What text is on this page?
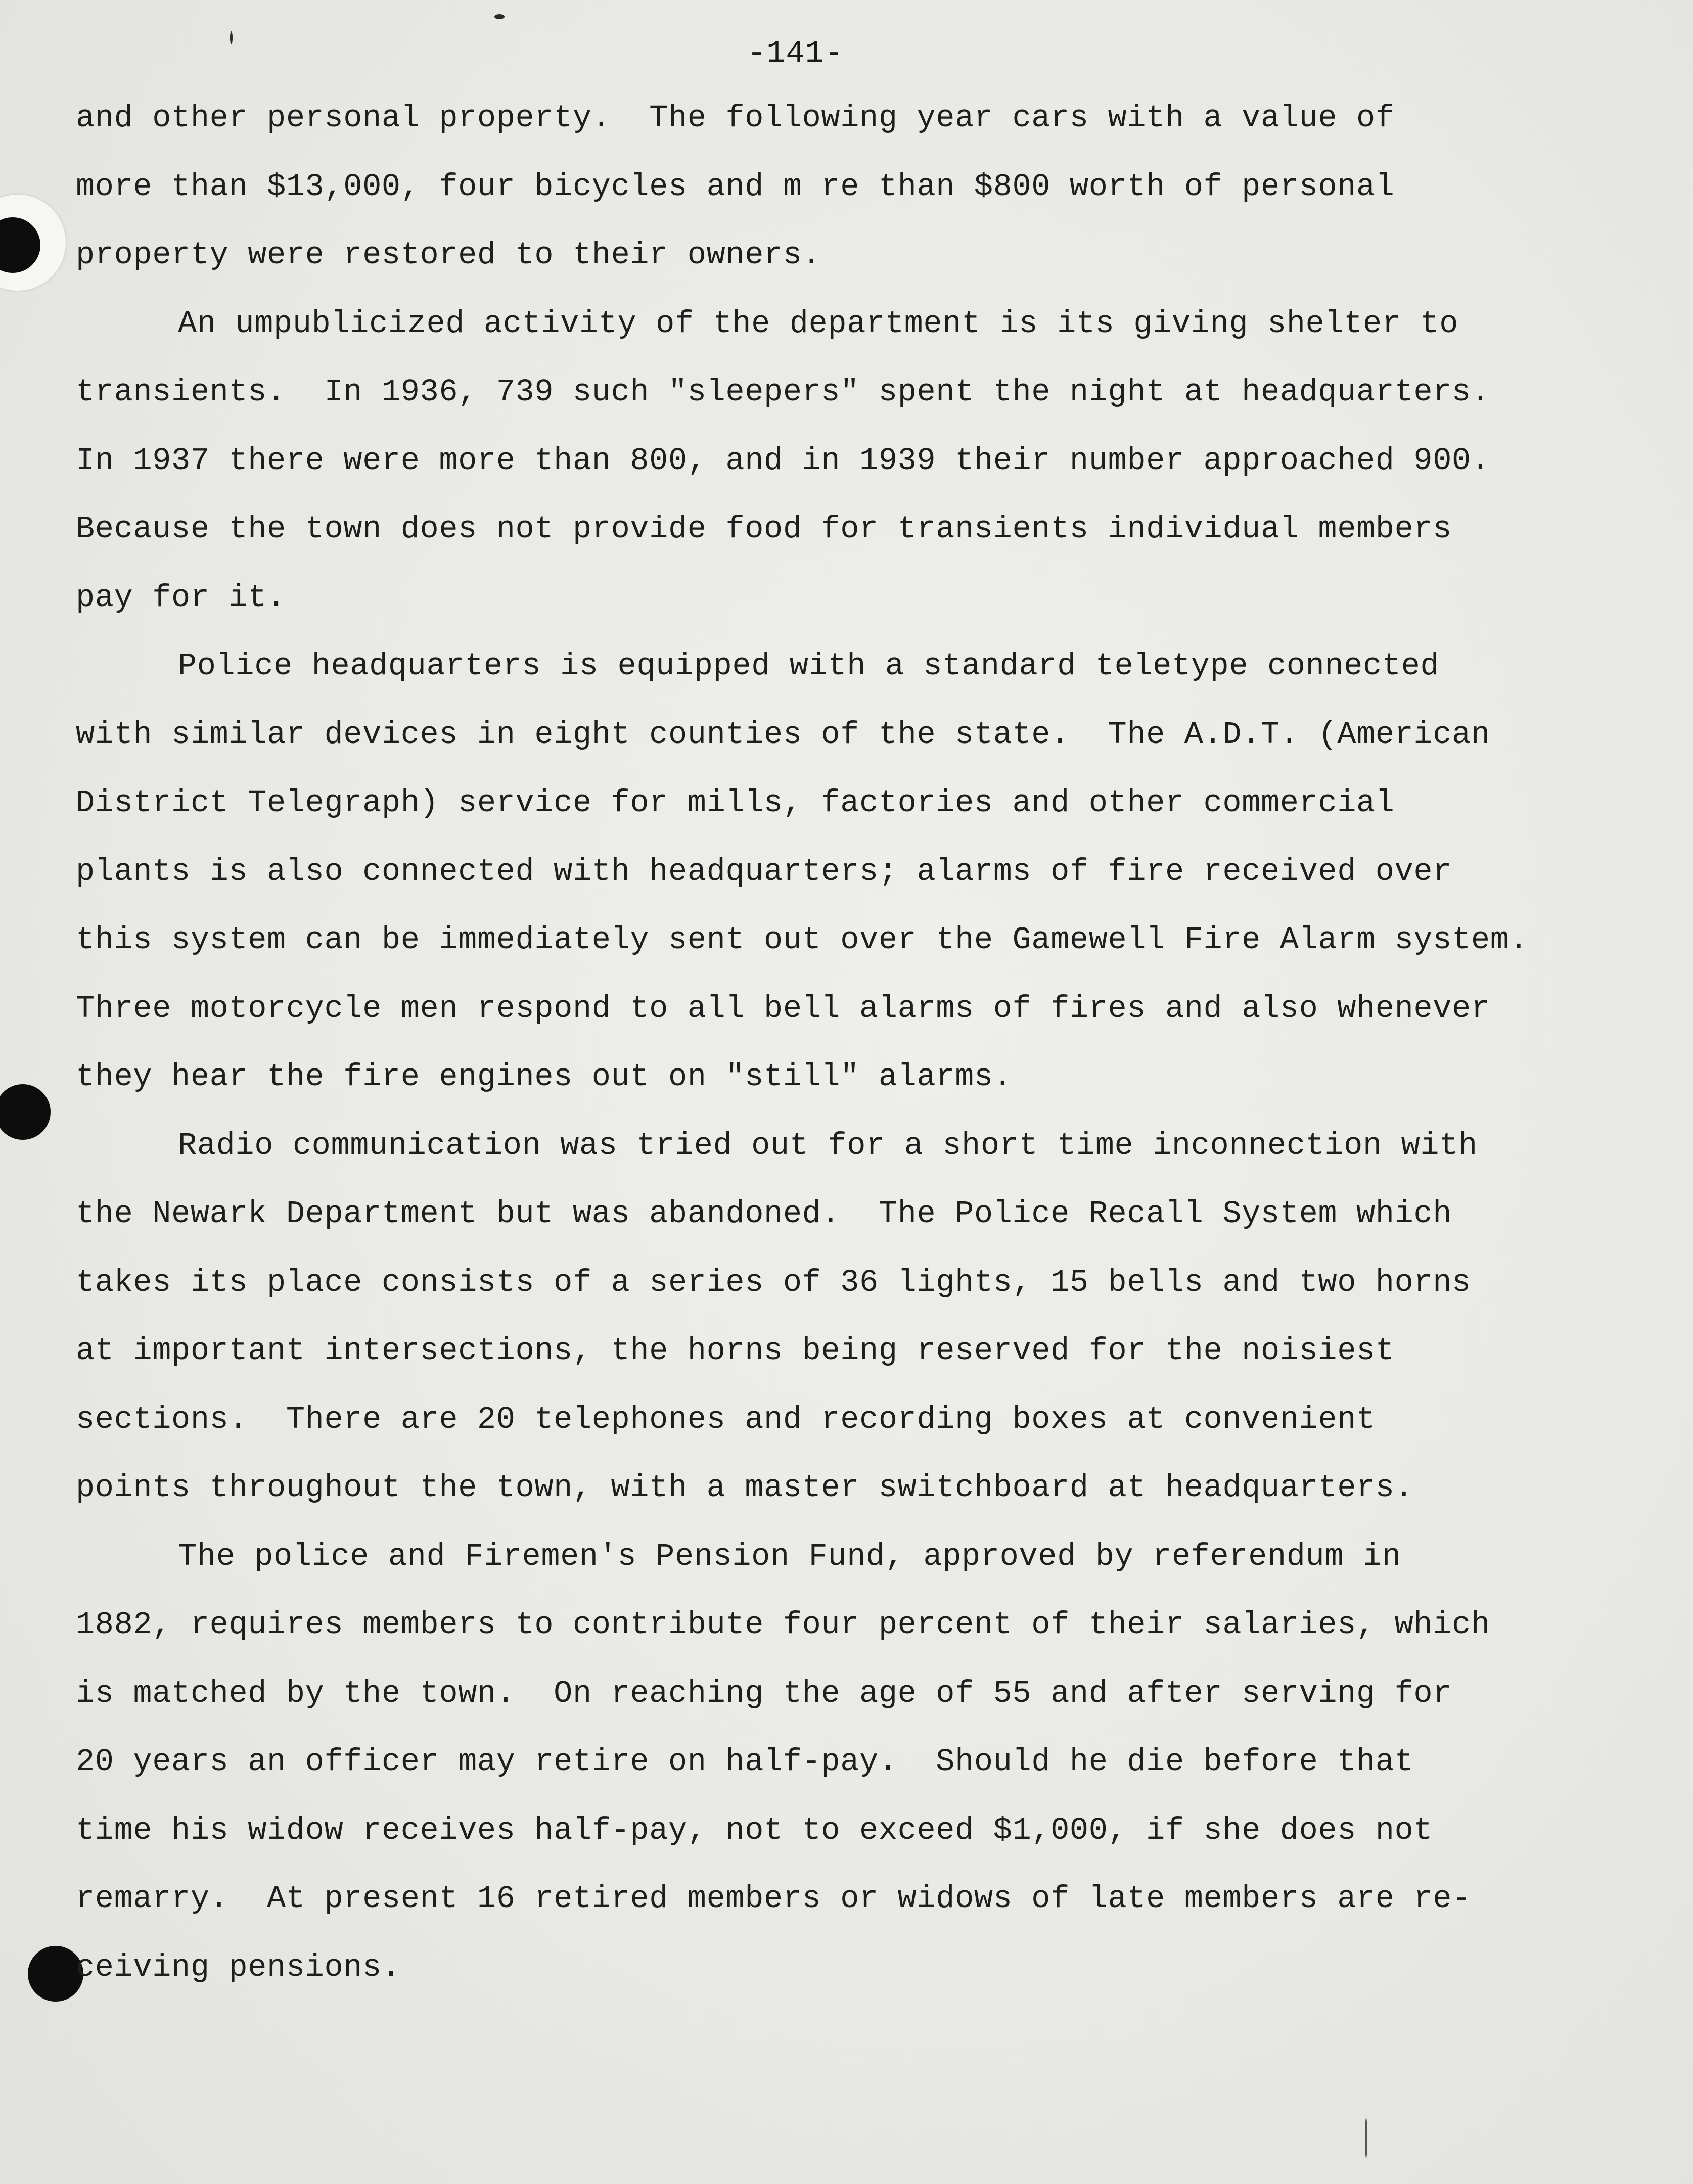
-141-
and other personal property.  The following year cars with a value of
more than $13,000, four bicycles and m re than $800 worth of personal
property were restored to their owners.
An umpublicized activity of the department is its giving shelter to
transients.  In 1936, 739 such "sleepers" spent the night at headquarters.
In 1937 there were more than 800, and in 1939 their number approached 900.
Because the town does not provide food for transients individual members
pay for it.
Police headquarters is equipped with a standard teletype connected
with similar devices in eight counties of the state.  The A.D.T. (American
District Telegraph) service for mills, factories and other commercial
plants is also connected with headquarters; alarms of fire received over
this system can be immediately sent out over the Gamewell Fire Alarm system.
Three motorcycle men respond to all bell alarms of fires and also whenever
they hear the fire engines out on "still" alarms.
Radio communication was tried out for a short time inconnection with
the Newark Department but was abandoned.  The Police Recall System which
takes its place consists of a series of 36 lights, 15 bells and two horns
at important intersections, the horns being reserved for the noisiest
sections.  There are 20 telephones and recording boxes at convenient
points throughout the town, with a master switchboard at headquarters.
The police and Firemen's Pension Fund, approved by referendum in
1882, requires members to contribute four percent of their salaries, which
is matched by the town.  On reaching the age of 55 and after serving for
20 years an officer may retire on half-pay.  Should he die before that
time his widow receives half-pay, not to exceed $1,000, if she does not
remarry.  At present 16 retired members or widows of late members are re-
ceiving pensions.
